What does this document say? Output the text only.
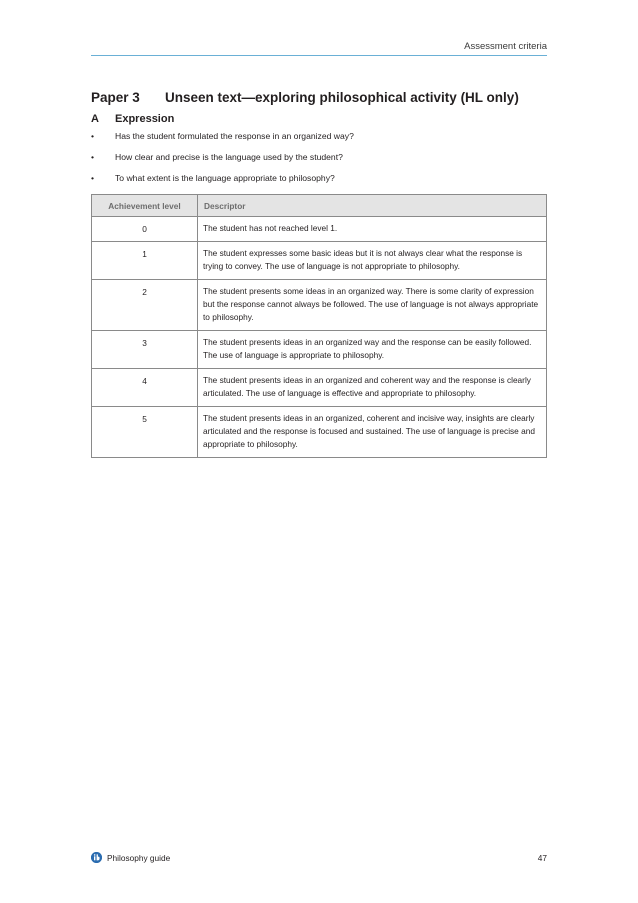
Assessment criteria
Paper 3 Unseen text—exploring philosophical activity (HL only)
A Expression
• Has the student formulated the response in an organized way?
• How clear and precise is the language used by the student?
• To what extent is the language appropriate to philosophy?
Achievement level	Descriptor
0	The student has not reached level 1.
1	The student expresses some basic ideas but it is not always clear what the response is trying to convey. The use of language is not appropriate to philosophy.
2	The student presents some ideas in an organized way. There is some clarity of expression but the response cannot always be followed. The use of language is not always appropriate to philosophy.
3	The student presents ideas in an organized way and the response can be easily followed. The use of language is appropriate to philosophy.
4	The student presents ideas in an organized and coherent way and the response is clearly articulated. The use of language is effective and appropriate to philosophy.
5	The student presents ideas in an organized, coherent and incisive way, insights are clearly articulated and the response is focused and sustained. The use of language is precise and appropriate to philosophy.
Philosophy guide	47
